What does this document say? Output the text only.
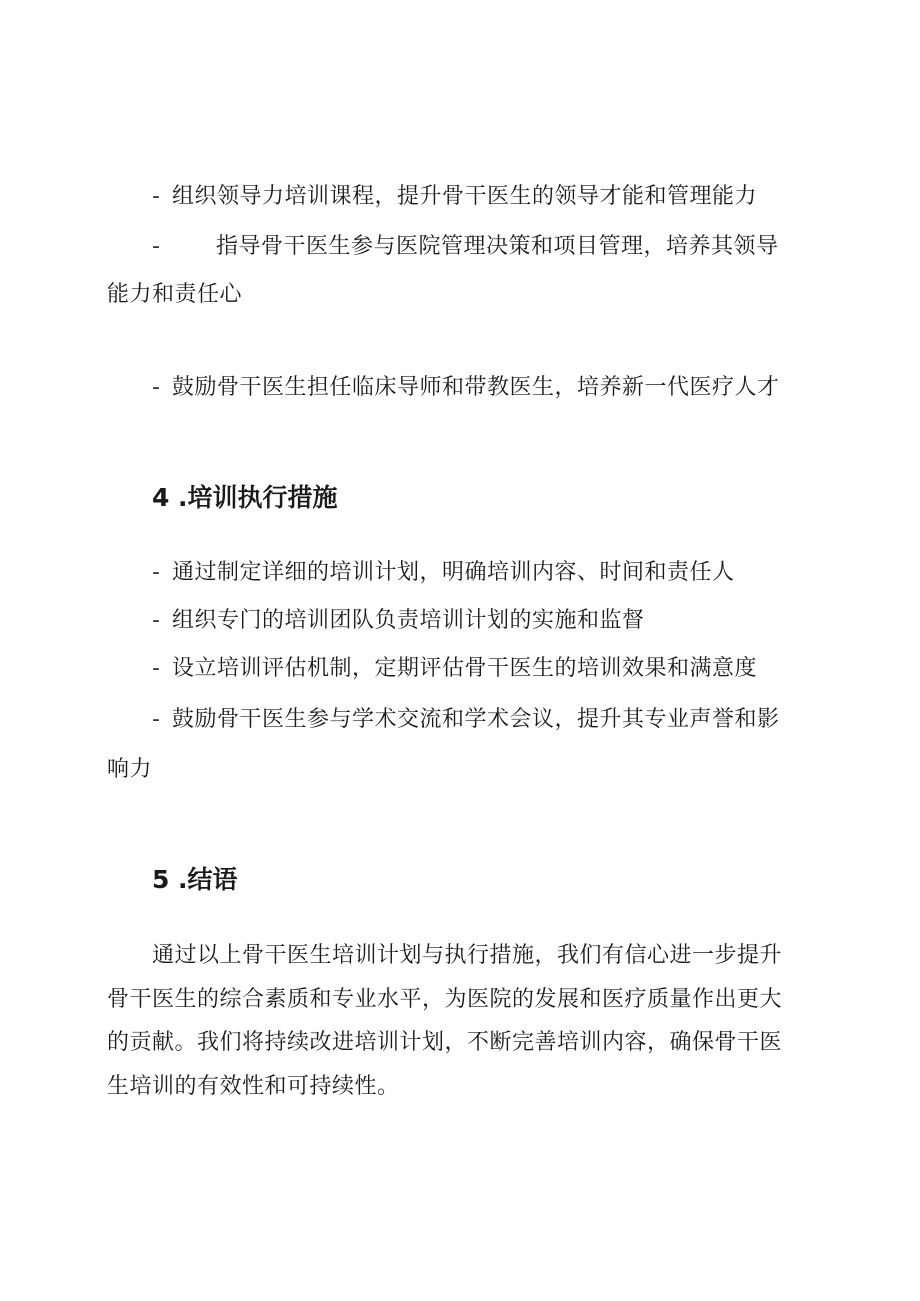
- 组织领导力培训课程，提升骨干医生的领导才能和管理能力
-	指导骨干医生参与医院管理决策和项目管理，培养其领导
能力和责任心
- 鼓励骨干医生担任临床导师和带教医生，培养新一代医疗人才
4 .培训执行措施
- 通过制定详细的培训计划，明确培训内容、时间和责任人
- 组织专门的培训团队负责培训计划的实施和监督
- 设立培训评估机制，定期评估骨干医生的培训效果和满意度
- 鼓励骨干医生参与学术交流和学术会议，提升其专业声誉和影
响力
5 .结语
通过以上骨干医生培训计划与执行措施，我们有信心进一步提升
骨干医生的综合素质和专业水平，为医院的发展和医疗质量作出更大
的贡献。我们将持续改进培训计划，不断完善培训内容，确保骨干医
生培训的有效性和可持续性。
